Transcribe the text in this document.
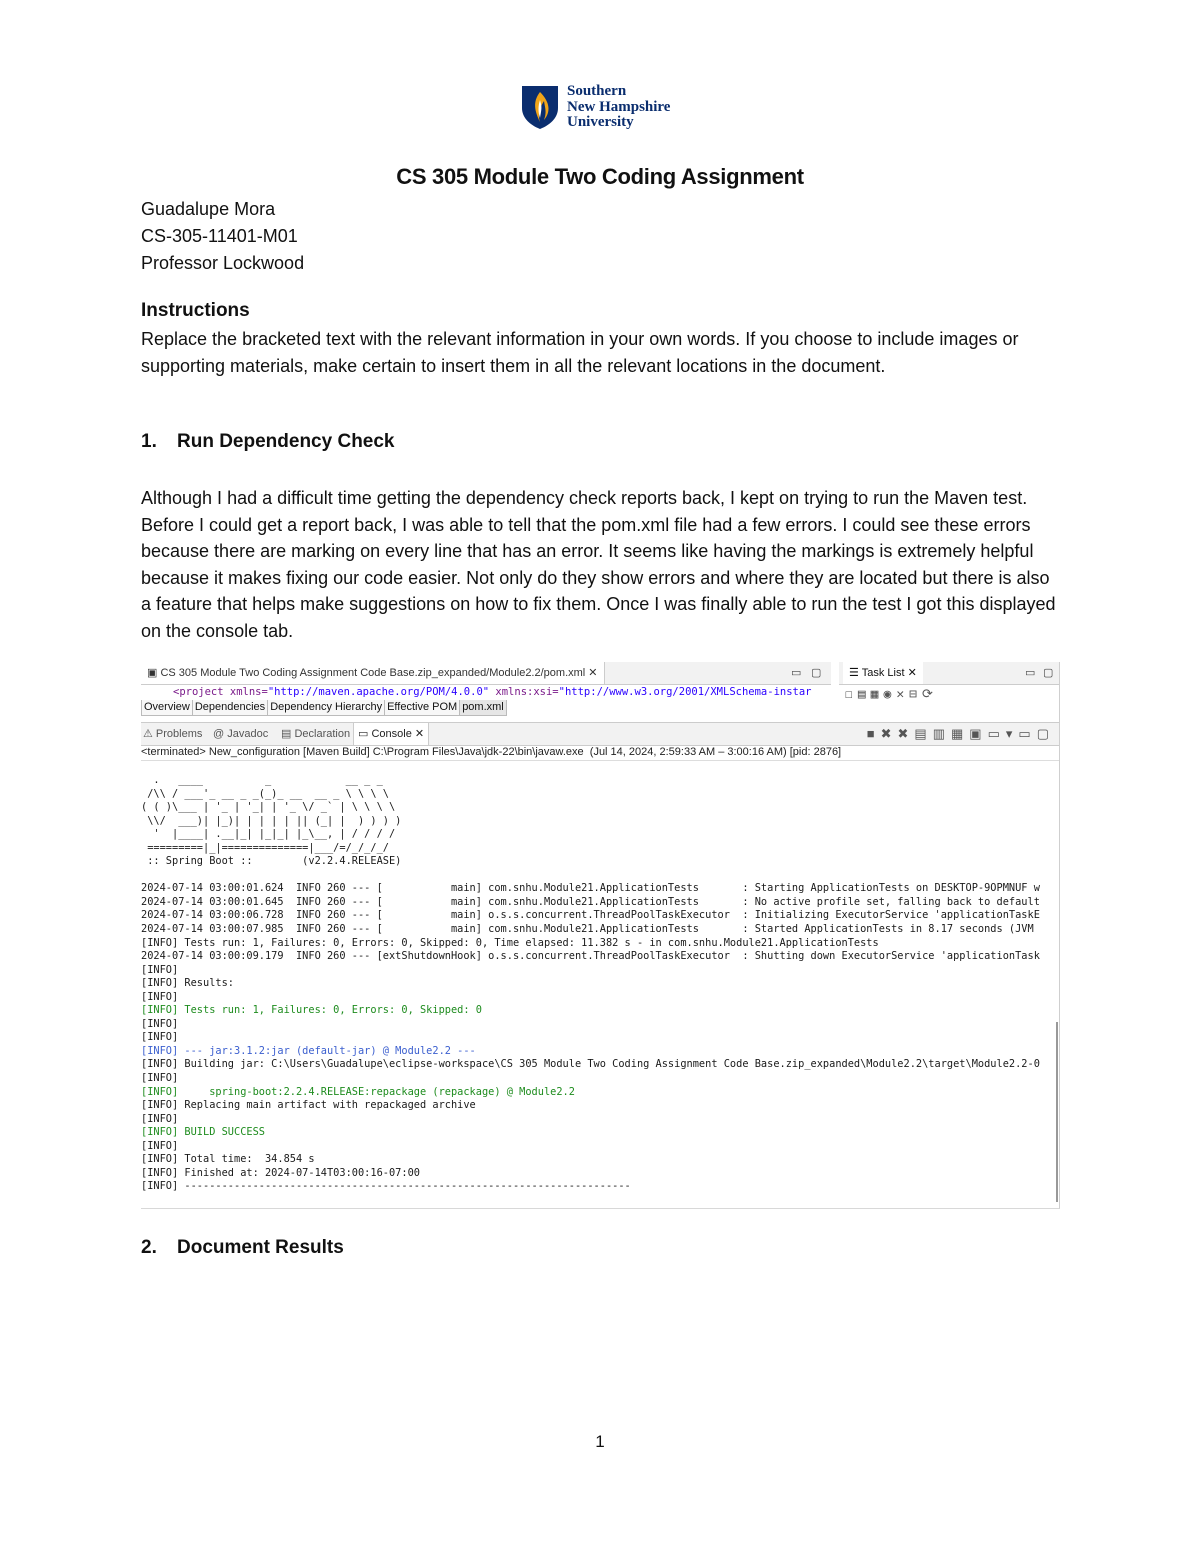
Southern
New Hampshire
University
CS 305 Module Two Coding Assignment
Guadalupe Mora
CS-305-11401-M01
Professor Lockwood
Instructions
Replace the bracketed text with the relevant information in your own words. If you choose to include images or supporting materials, make certain to insert them in all the relevant locations in the document.
1. Run Dependency Check
Although I had a difficult time getting the dependency check reports back, I kept on trying to run the Maven test. Before I could get a report back, I was able to tell that the pom.xml file had a few errors. I could see these errors because there are marking on every line that has an error. It seems like having the markings is extremely helpful because it makes fixing our code easier. Not only do they show errors and where they are located but there is also a feature that helps make suggestions on how to fix them. Once I was finally able to run the test I got this displayed on the console tab.
▣ CS 305 Module Two Coding Assignment Code Base.zip_expanded/Module2.2/pom.xml ✕	▭ ▢
<project xmlns="http://maven.apache.org/POM/4.0.0" xmlns:xsi="http://www.w3.org/2001/XMLSchema-instar
Overview Dependencies Dependency Hierarchy Effective POM pom.xml
☰ Task List ✕	▭ ▢
☐▤▦◉✕⊟⟳
⚠ Problems @ Javadoc ▤ Declaration ▭ Console ✕	■✖✖▤▥▦▣▭▾▭▢
<terminated> New_configuration [Maven Build] C:\Program Files\Java\jdk-22\bin\javaw.exe  (Jul 14, 2024, 2:59:33 AM – 3:00:16 AM) [pid: 2876]
.   ____          _            __ _ _
/\\ / ___'_ __ _ _(_)_ __  __ _ \ \ \ \
( ( )\___ | '_ | '_| | '_ \/ _` | \ \ \ \
\\/  ___)| |_)| | | | | || (_| |  ) ) ) )
'  |____| .__|_| |_|_| |_\__, | / / / /
=========|_|==============|___/=/_/_/_/
:: Spring Boot ::        (v2.2.4.RELEASE)

2024-07-14 03:00:01.624  INFO 260 --- [           main] com.snhu.Module21.ApplicationTests       : Starting ApplicationTests on DESKTOP-9OPMNUF w
2024-07-14 03:00:01.645  INFO 260 --- [           main] com.snhu.Module21.ApplicationTests       : No active profile set, falling back to default
2024-07-14 03:00:06.728  INFO 260 --- [           main] o.s.s.concurrent.ThreadPoolTaskExecutor  : Initializing ExecutorService 'applicationTaskE
2024-07-14 03:00:07.985  INFO 260 --- [           main] com.snhu.Module21.ApplicationTests       : Started ApplicationTests in 8.17 seconds (JVM
[INFO] Tests run: 1, Failures: 0, Errors: 0, Skipped: 0, Time elapsed: 11.382 s - in com.snhu.Module21.ApplicationTests
2024-07-14 03:00:09.179  INFO 260 --- [extShutdownHook] o.s.s.concurrent.ThreadPoolTaskExecutor  : Shutting down ExecutorService 'applicationTask
[INFO]
[INFO] Results:
[INFO]
[INFO] Tests run: 1, Failures: 0, Errors: 0, Skipped: 0
[INFO]
[INFO]
[INFO] --- jar:3.1.2:jar (default-jar) @ Module2.2 ---
[INFO] Building jar: C:\Users\Guadalupe\eclipse-workspace\CS 305 Module Two Coding Assignment Code Base.zip_expanded\Module2.2\target\Module2.2-0
[INFO]
[INFO]     spring-boot:2.2.4.RELEASE:repackage (repackage) @ Module2.2
[INFO] Replacing main artifact with repackaged archive
[INFO]
[INFO] BUILD SUCCESS
[INFO]
[INFO] Total time:  34.854 s
[INFO] Finished at: 2024-07-14T03:00:16-07:00
[INFO] ------------------------------------------------------------------------
2. Document Results
1
